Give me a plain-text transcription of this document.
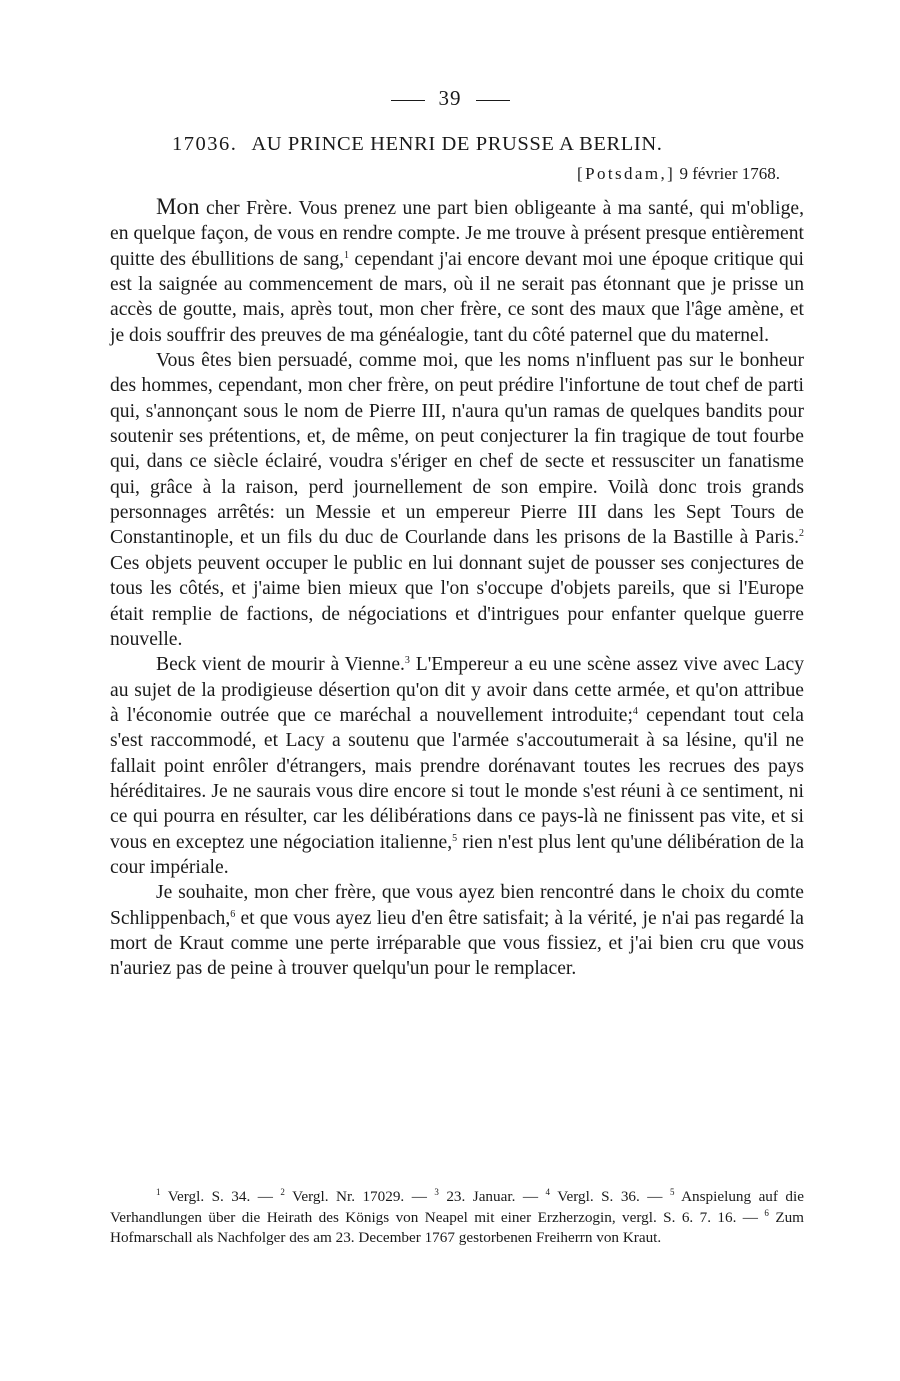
39
17036. AU PRINCE HENRI DE PRUSSE A BERLIN.
[Potsdam,] 9 février 1768.

Mon cher Frère. Vous prenez une part bien obligeante à ma santé, qui m'oblige, en quelque façon, de vous en rendre compte. Je me trouve à présent presque entièrement quitte des ébullitions de sang,$^1$ cependant j'ai encore devant moi une époque critique qui est la saignée au commencement de mars, où il ne serait pas étonnant que je prisse un accès de goutte, mais, après tout, mon cher frère, ce sont des maux que l'âge amène, et je dois souffrir des preuves de ma généalogie, tant du côté paternel que du maternel.

Vous êtes bien persuadé, comme moi, que les noms n'influent pas sur le bonheur des hommes, cependant, mon cher frère, on peut prédire l'infortune de tout chef de parti qui, s'annonçant sous le nom de Pierre III, n'aura qu'un ramas de quelques bandits pour soutenir ses prétentions, et, de même, on peut conjecturer la fin tragique de tout fourbe qui, dans ce siècle éclairé, voudra s'ériger en chef de secte et ressusciter un fanatisme qui, grâce à la raison, perd journellement de son empire. Voilà donc trois grands personnages arrêtés: un Messie et un empereur Pierre III dans les Sept Tours de Constantinople, et un fils du duc de Courlande dans les prisons de la Bastille à Paris.$^2$ Ces objets peuvent occuper le public en lui donnant sujet de pousser ses conjectures de tous les côtés, et j'aime bien mieux que l'on s'occupe d'objets pareils, que si l'Europe était remplie de factions, de négociations et d'intrigues pour enfanter quelque guerre nouvelle.

Beck vient de mourir à Vienne.$^3$ L'Empereur a eu une scène assez vive avec Lacy au sujet de la prodigieuse désertion qu'on dit y avoir dans cette armée, et qu'on attribue à l'économie outrée que ce maréchal a nouvellement introduite;$^4$ cependant tout cela s'est raccommodé, et Lacy a soutenu que l'armée s'accoutumerait à sa lésine, qu'il ne fallait point enrôler d'étrangers, mais prendre dorénavant toutes les recrues des pays héréditaires. Je ne saurais vous dire encore si tout le monde s'est réuni à ce sentiment, ni ce qui pourra en résulter, car les délibérations dans ce pays-là ne finissent pas vite, et si vous en exceptez une négociation italienne,$^5$ rien n'est plus lent qu'une délibération de la cour impériale.

Je souhaite, mon cher frère, que vous ayez bien rencontré dans le choix du comte Schlippenbach,$^6$ et que vous ayez lieu d'en être satisfait; à la vérité, je n'ai pas regardé la mort de Kraut comme une perte irréparable que vous fissiez, et j'ai bien cru que vous n'auriez pas de peine à trouver quelqu'un pour le remplacer.

$^1$ Vergl. S. 34. — $^2$ Vergl. Nr. 17029. — $^3$ 23. Januar. — $^4$ Vergl. S. 36. — $^5$ Anspielung auf die Verhandlungen über die Heirath des Königs von Neapel mit einer Erzherzogin, vergl. S. 6. 7. 16. — $^6$ Zum Hofmarschall als Nachfolger des am 23. December 1767 gestorbenen Freiherrn von Kraut.
